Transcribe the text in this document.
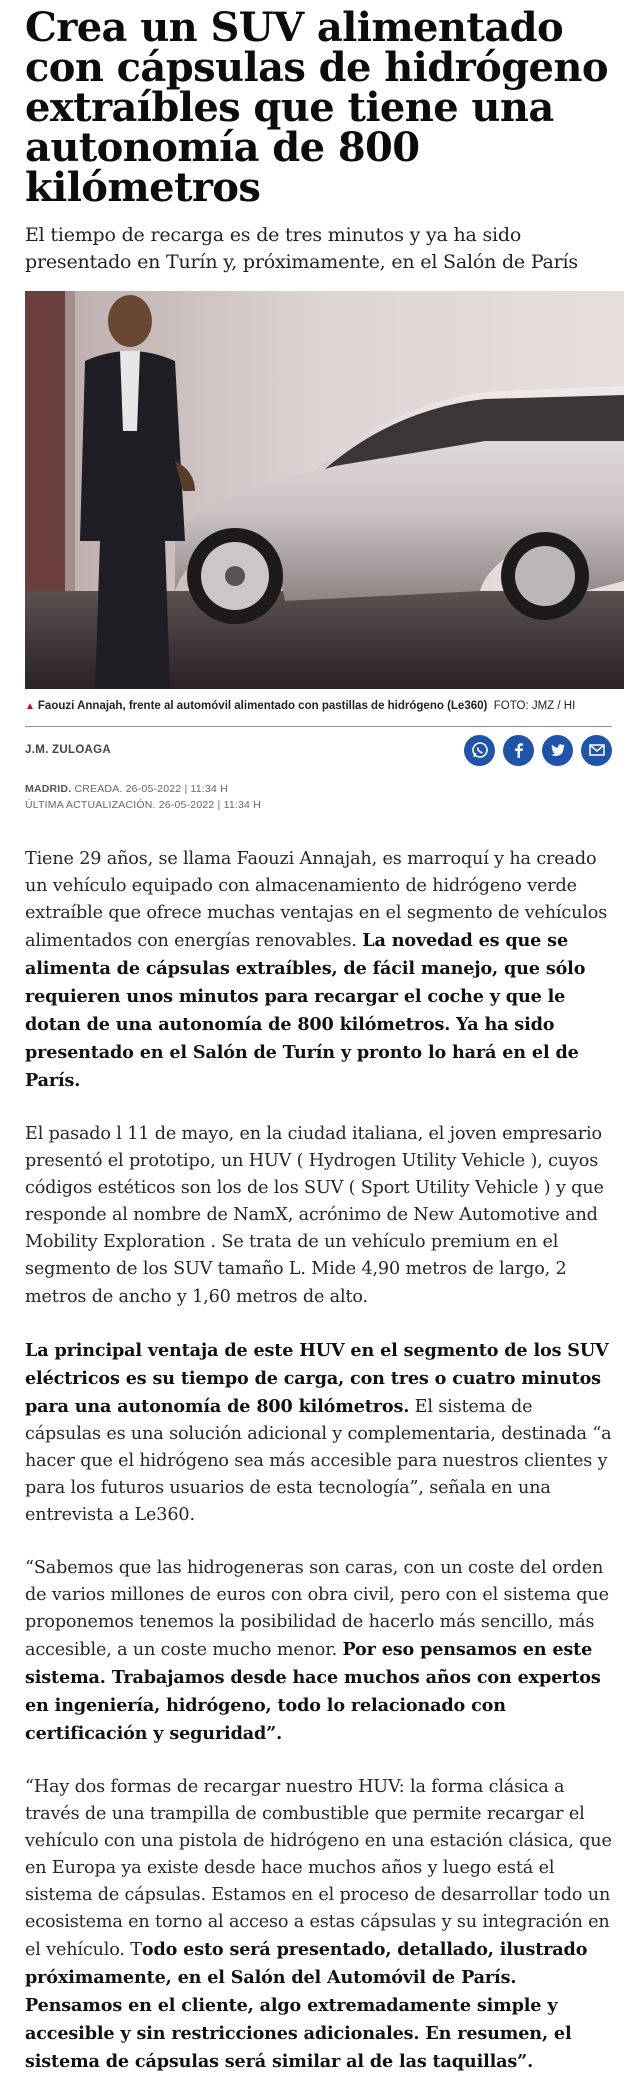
Crea un SUV alimentado con cápsulas de hidrógeno extraíbles que tiene una autonomía de 800 kilómetros

El tiempo de recarga es de tres minutos y ya ha sido presentado en Turín y, próximamente, en el Salón de París

▲ Faouzi Annajah, frente al automóvil alimentado con pastillas de hidrógeno (Le360) FOTO: JMZ / HI
J.M. ZULOAGA
MADRID. CREADA. 26-05-2022 | 11:34 H
ÚLTIMA ACTUALIZACIÓN. 26-05-2022 | 11:34 H

Tiene 29 años, se llama Faouzi Annajah, es marroquí y ha creado un vehículo equipado con almacenamiento de hidrógeno verde extraíble que ofrece muchas ventajas en el segmento de vehículos alimentados con energías renovables. La novedad es que se alimenta de cápsulas extraíbles, de fácil manejo, que sólo requieren unos minutos para recargar el coche y que le dotan de una autonomía de 800 kilómetros. Ya ha sido presentado en el Salón de Turín y pronto lo hará en el de París.

El pasado l 11 de mayo, en la ciudad italiana, el joven empresario presentó el prototipo, un HUV ( Hydrogen Utility Vehicle ), cuyos códigos estéticos son los de los SUV ( Sport Utility Vehicle ) y que responde al nombre de NamX, acrónimo de New Automotive and Mobility Exploration . Se trata de un vehículo premium en el segmento de los SUV tamaño L. Mide 4,90 metros de largo, 2 metros de ancho y 1,60 metros de alto.

La principal ventaja de este HUV en el segmento de los SUV eléctricos es su tiempo de carga, con tres o cuatro minutos para una autonomía de 800 kilómetros. El sistema de cápsulas es una solución adicional y complementaria, destinada “a hacer que el hidrógeno sea más accesible para nuestros clientes y para los futuros usuarios de esta tecnología”, señala en una entrevista a Le360.

“Sabemos que las hidrogeneras son caras, con un coste del orden de varios millones de euros con obra civil, pero con el sistema que proponemos tenemos la posibilidad de hacerlo más sencillo, más accesible, a un coste mucho menor. Por eso pensamos en este sistema. Trabajamos desde hace muchos años con expertos en ingeniería, hidrógeno, todo lo relacionado con certificación y seguridad”.

“Hay dos formas de recargar nuestro HUV: la forma clásica a través de una trampilla de combustible que permite recargar el vehículo con una pistola de hidrógeno en una estación clásica, que en Europa ya existe desde hace muchos años y luego está el sistema de cápsulas. Estamos en el proceso de desarrollar todo un ecosistema en torno al acceso a estas cápsulas y su integración en el vehículo. Todo esto será presentado, detallado, ilustrado próximamente, en el Salón del Automóvil de París. Pensamos en el cliente, algo extremadamente simple y accesible y sin restricciones adicionales. En resumen, el sistema de cápsulas será similar al de las taquillas”.
